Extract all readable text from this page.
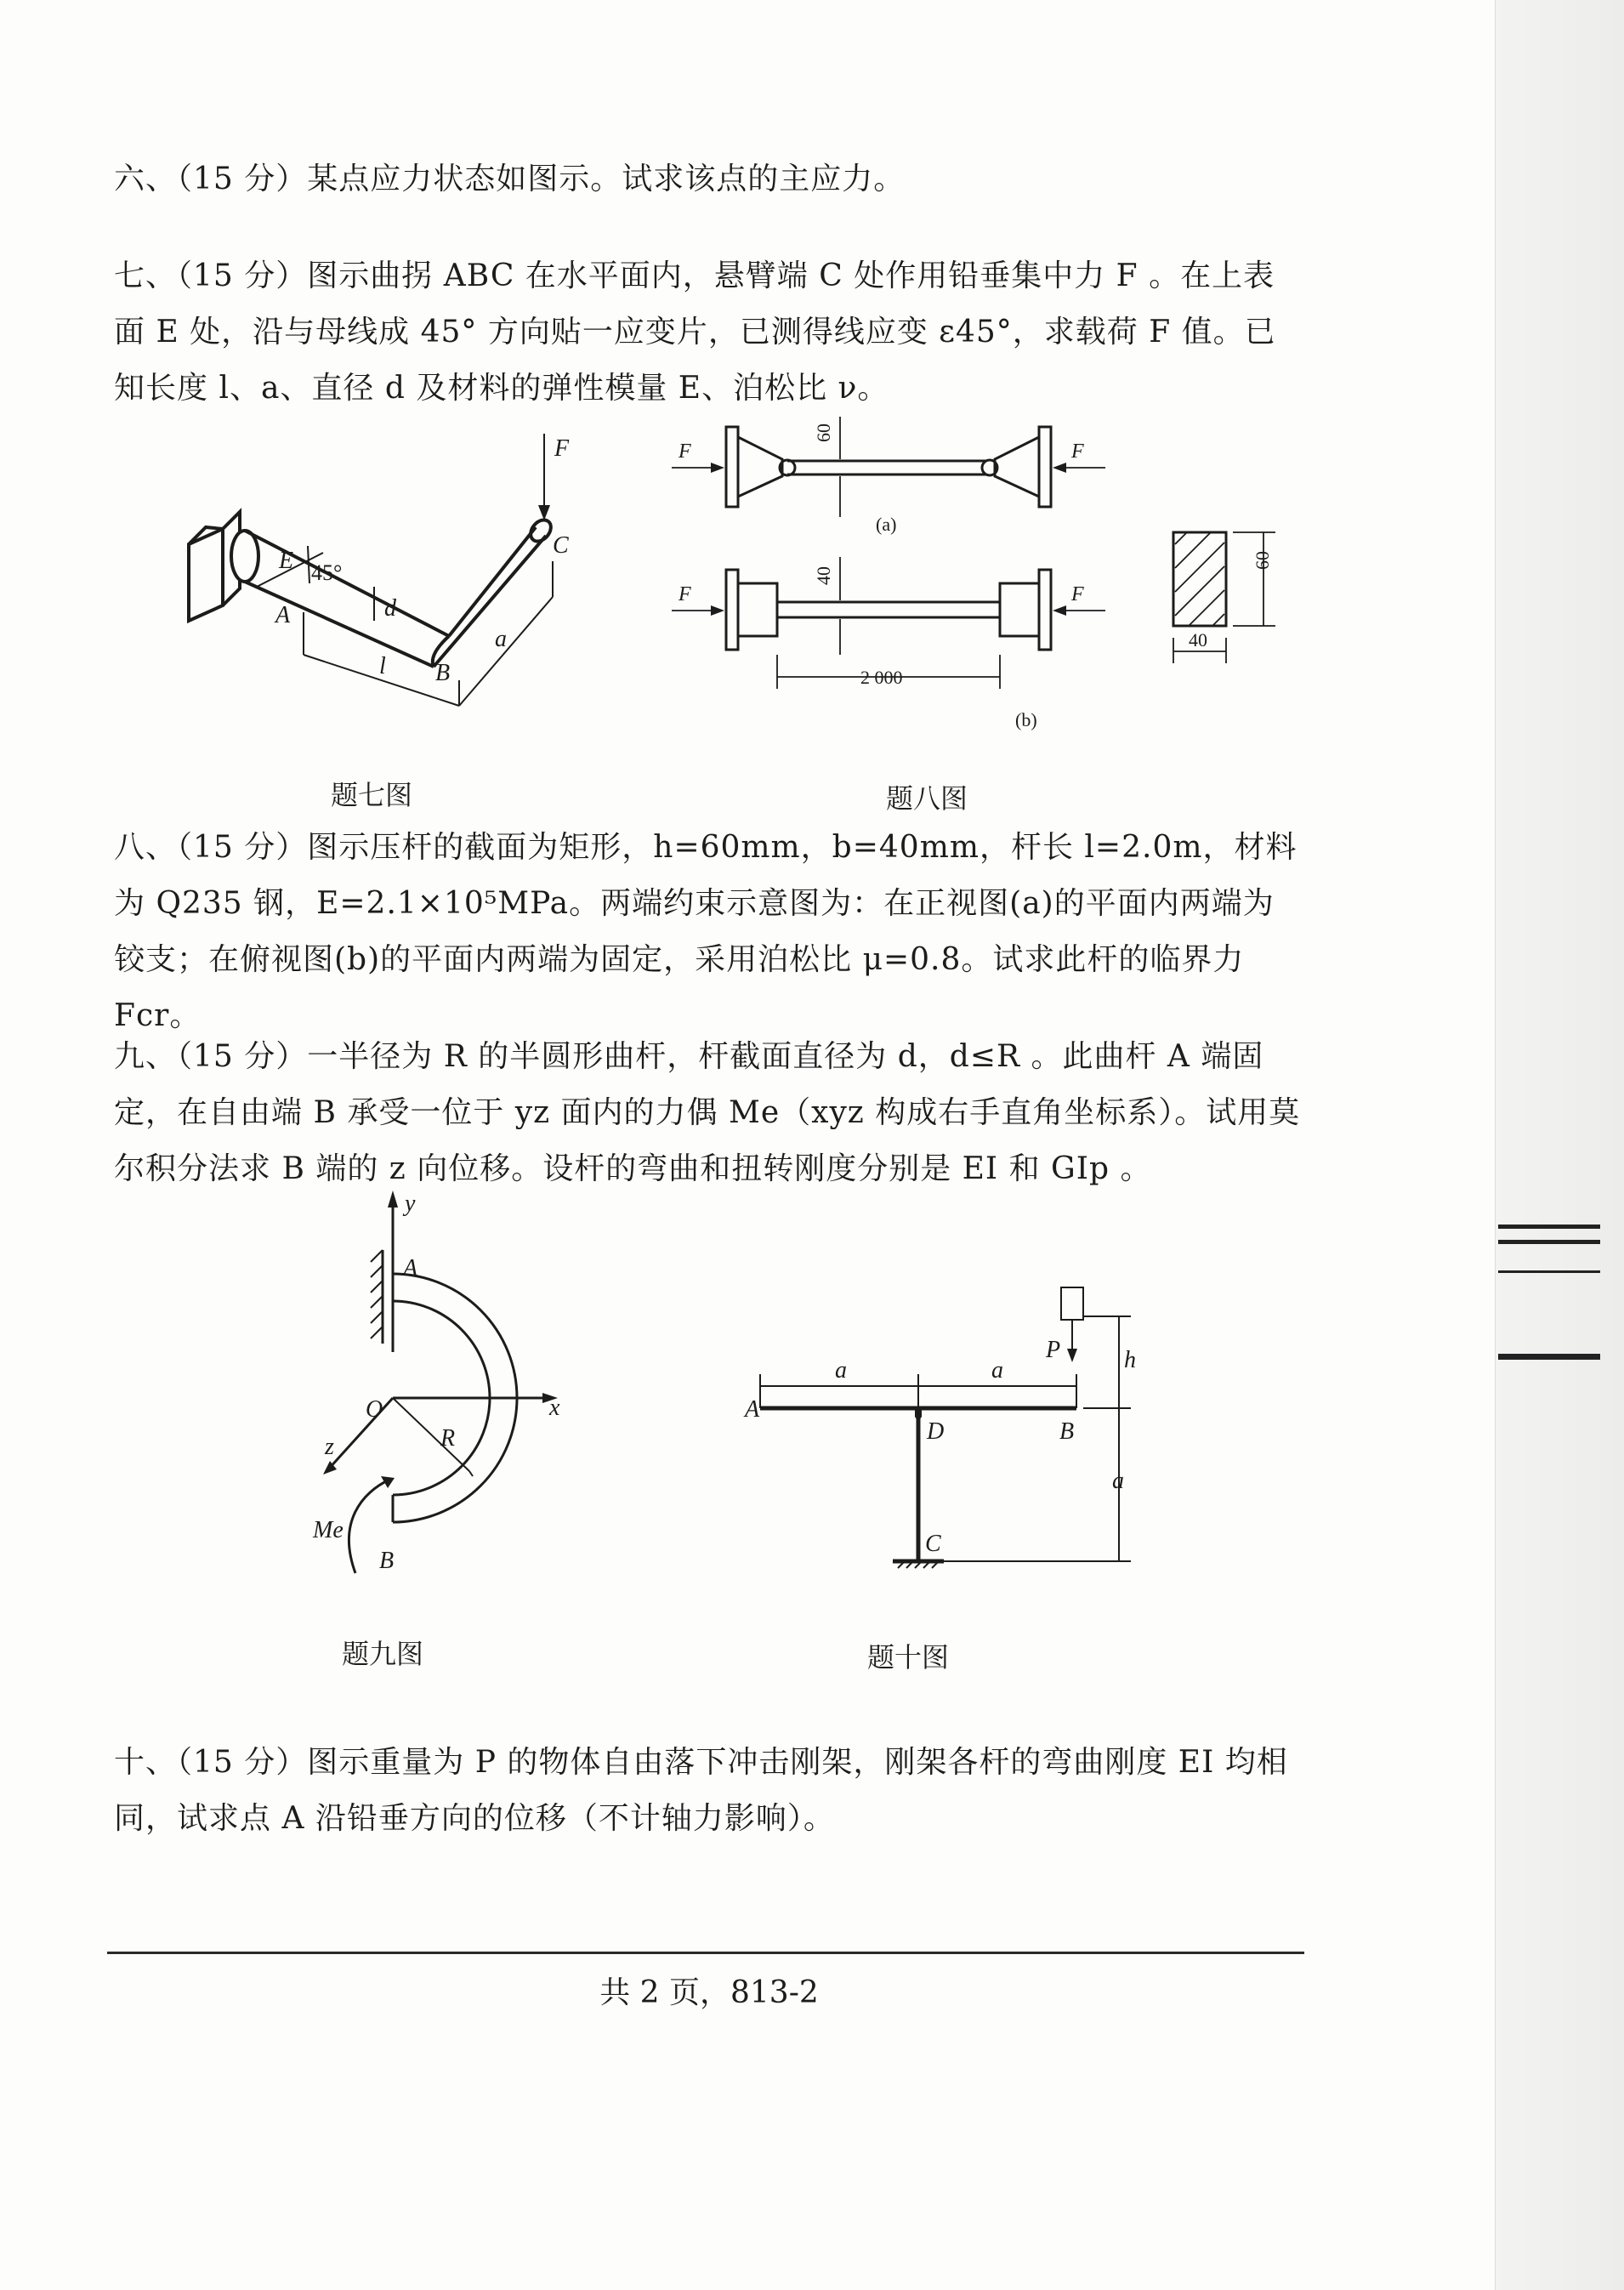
六、（15 分）某点应力状态如图示。试求该点的主应力。

七、（15 分）图示曲拐 ABC 在水平面内，悬臂端 C 处作用铅垂集中力 F 。在上表面 E 处，沿与母线成 45° 方向贴一应变片，已测得线应变 ε45°，求载荷 F 值。已知长度 l、a、直径 d 及材料的弹性模量 E、泊松比 ν。

F
C
E 45°
A	d
a
l B
F	F
F	F
60
(a)
40
2 000
(b)
60
40
题七图	题八图

八、（15 分）图示压杆的截面为矩形，h=60mm，b=40mm，杆长 l=2.0m，材料为 Q235 钢，E=2.1×10⁵MPa。两端约束示意图为：在正视图(a)的平面内两端为铰支；在俯视图(b)的平面内两端为固定，采用泊松比 μ=0.8。试求此杆的临界力 Fcr。

九、（15 分）一半径为 R 的半圆形曲杆，杆截面直径为 d，d≤R 。此曲杆 A 端固定，在自由端 B 承受一位于 yz 面内的力偶 Me（xyz 构成右手直角坐标系）。试用莫尔积分法求 B 端的 z 向位移。设杆的弯曲和扭转刚度分别是 EI 和 GIp 。

y
A
O	x
z	R
Me
B
P	h
a	a
A
D	B
a
C
题九图	题十图

十、（15 分）图示重量为 P 的物体自由落下冲击刚架，刚架各杆的弯曲刚度 EI 均相同，试求点 A 沿铅垂方向的位移（不计轴力影响）。

共 2 页，813-2
